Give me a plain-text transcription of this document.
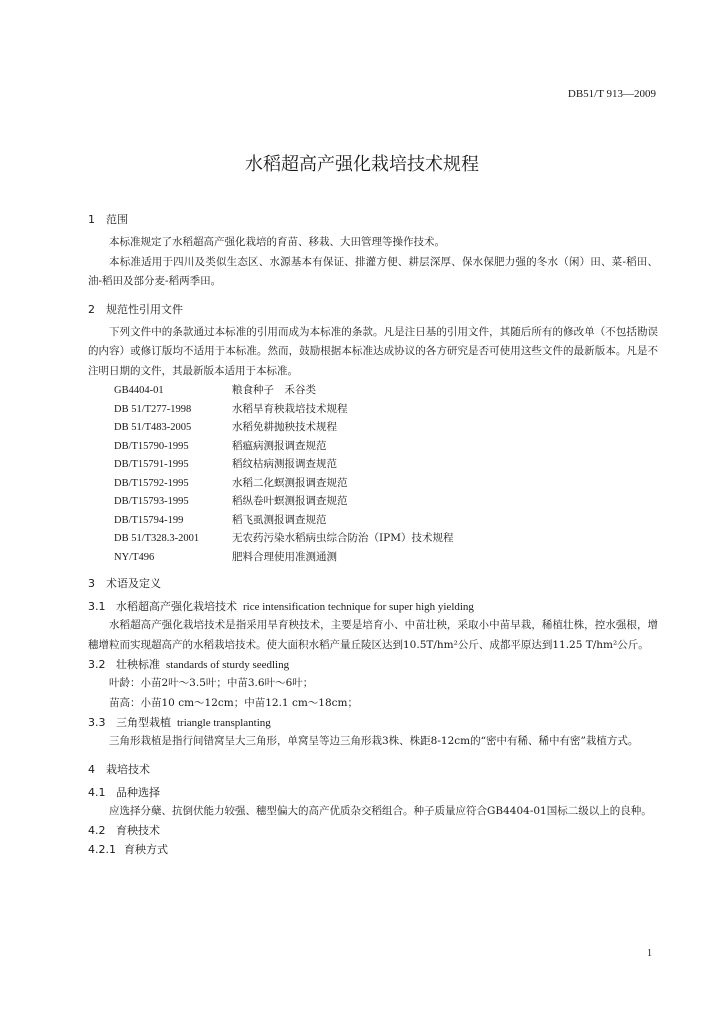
DB51/T 913—2009
水稻超高产强化栽培技术规程
1 范围
本标准规定了水稻超高产强化栽培的育苗、移栽、大田管理等操作技术。
本标准适用于四川及类似生态区、水源基本有保证、排灌方便、耕层深厚、保水保肥力强的冬水（闲）田、菜-稻田、油-稻田及部分麦-稻两季田。
2 规范性引用文件
下列文件中的条款通过本标准的引用而成为本标准的条款。凡是注日基的引用文件，其随后所有的修改单（不包括勘误的内容）或修订版均不适用于本标准。然而，鼓励根据本标准达成协议的各方研究是否可使用这些文件的最新版本。凡是不注明日期的文件，其最新版本适用于本标准。
GB4404-01	粮食种子　禾谷类
DB 51/T277-1998	水稻旱育秧栽培技术规程
DB 51/T483-2005	水稻免耕抛秧技术规程
DB/T15790-1995	稻瘟病测报调查规范
DB/T15791-1995	稻纹枯病测报调查规范
DB/T15792-1995	水稻二化螟测报调查规范
DB/T15793-1995	稻纵卷叶螟测报调查规范
DB/T15794-199	稻飞虱测报调查规范
DB 51/T328.3-2001	无农药污染水稻病虫综合防治（IPM）技术规程
NY/T496	肥料合理使用准测通测
3 术语及定义
3.1 水稻超高产强化栽培技术 rice intensification technique for super high yielding
水稻超高产强化栽培技术是指采用旱育秧技术，主要是培育小、中苗壮秧，采取小中苗早栽，稀植壮株，控水强根，增穗增粒而实现超高产的水稻栽培技术。使大面积水稻产量丘陵区达到10.5T/hm²公斤、成都平原达到11.25 T/hm²公斤。
3.2 壮秧标准 standards of sturdy seedling
叶龄：小苗2叶～3.5叶；中苗3.6叶～6叶；
苗高：小苗10 cm～12cm；中苗12.1 cm～18cm；
3.3 三角型栽植 triangle transplanting
三角形栽植是指行间错窝呈大三角形，单窝呈等边三角形栽3株、株距8-12cm的“密中有稀、稀中有密”栽植方式。
4 栽培技术
4.1 品种选择
应选择分蘖、抗倒伏能力较强、穗型偏大的高产优质杂交稻组合。种子质量应符合GB4404-01国标二级以上的良种。
4.2 育秧技术
4.2.1 育秧方式
1
